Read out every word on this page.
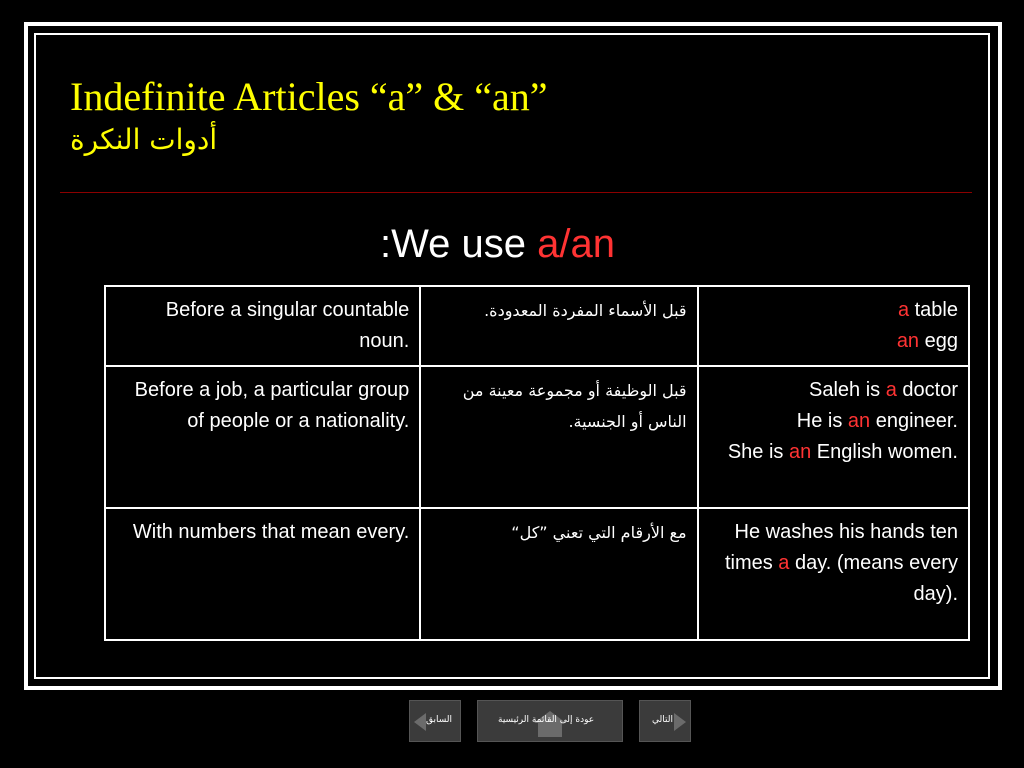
Indefinite Articles “a” & “an”
أدوات النكرة
:We use a/an
Before a singular countable noun.	قبل الأسماء المفردة المعدودة.	a table
an egg

Before a job, a particular group of people or a nationality.	قبل الوظيفة أو مجموعة معينة من الناس أو الجنسية.	Saleh is a doctor
He is an engineer.
She is an English women.

With numbers that mean every.	مع الأرقام التي تعني ”كل“	He washes his hands ten times a day. (means every day).
السابق	عودة إلى القائمة الرئيسية	التالي
